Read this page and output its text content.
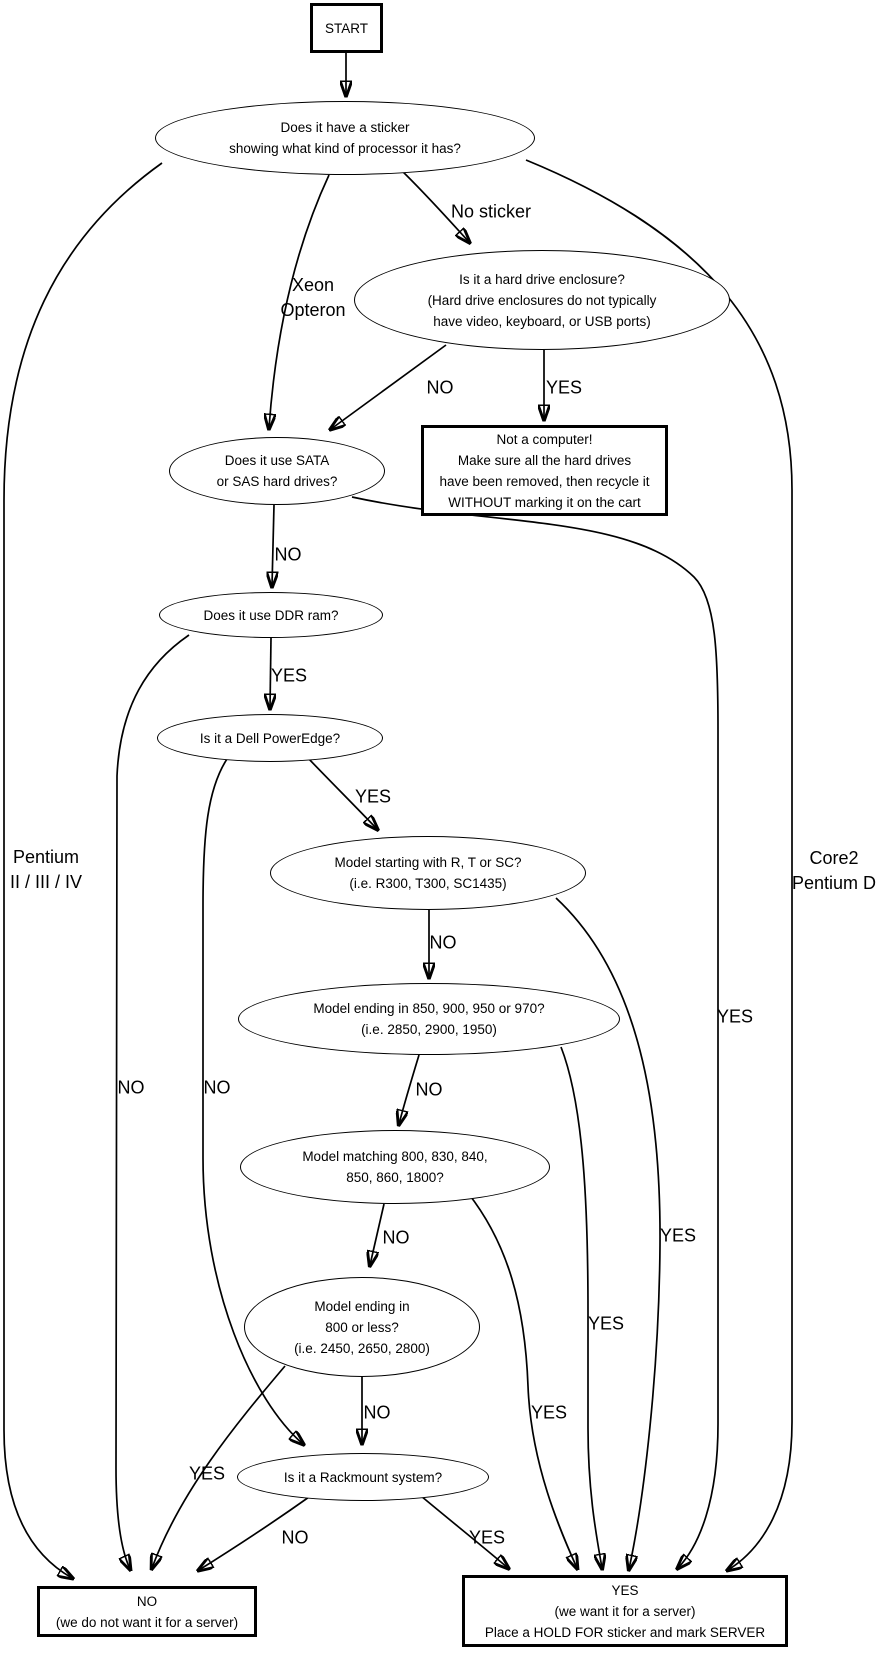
START
Does it have a sticker
showing what kind of processor it has?
Is it a hard drive enclosure?
(Hard drive enclosures do not typically
have video, keyboard, or USB ports)
Not a computer!
Make sure all the hard drives
have been removed, then recycle it
WITHOUT marking it on the cart
Does it use SATA
or SAS hard drives?
Does it use DDR ram?
Is it a Dell PowerEdge?
Model starting with R, T or SC?
(i.e. R300, T300, SC1435)
Model ending in 850, 900, 950 or 970?
(i.e. 2850, 2900, 1950)
Model matching 800, 830, 840,
850, 860, 1800?
Model ending in
800 or less?
(i.e. 2450, 2650, 2800)
Is it a Rackmount system?
NO
(we do not want it for a server)
YES
(we want it for a server)
Place a HOLD FOR sticker and mark SERVER
No sticker
Xeon
Opteron
Pentium
II / III / IV
Core2
Pentium D
NO	YES
NO
YES
YES
NO
YES
NO
NO
YES
NO
YES
NO
YES
NO
YES
NO	YES
